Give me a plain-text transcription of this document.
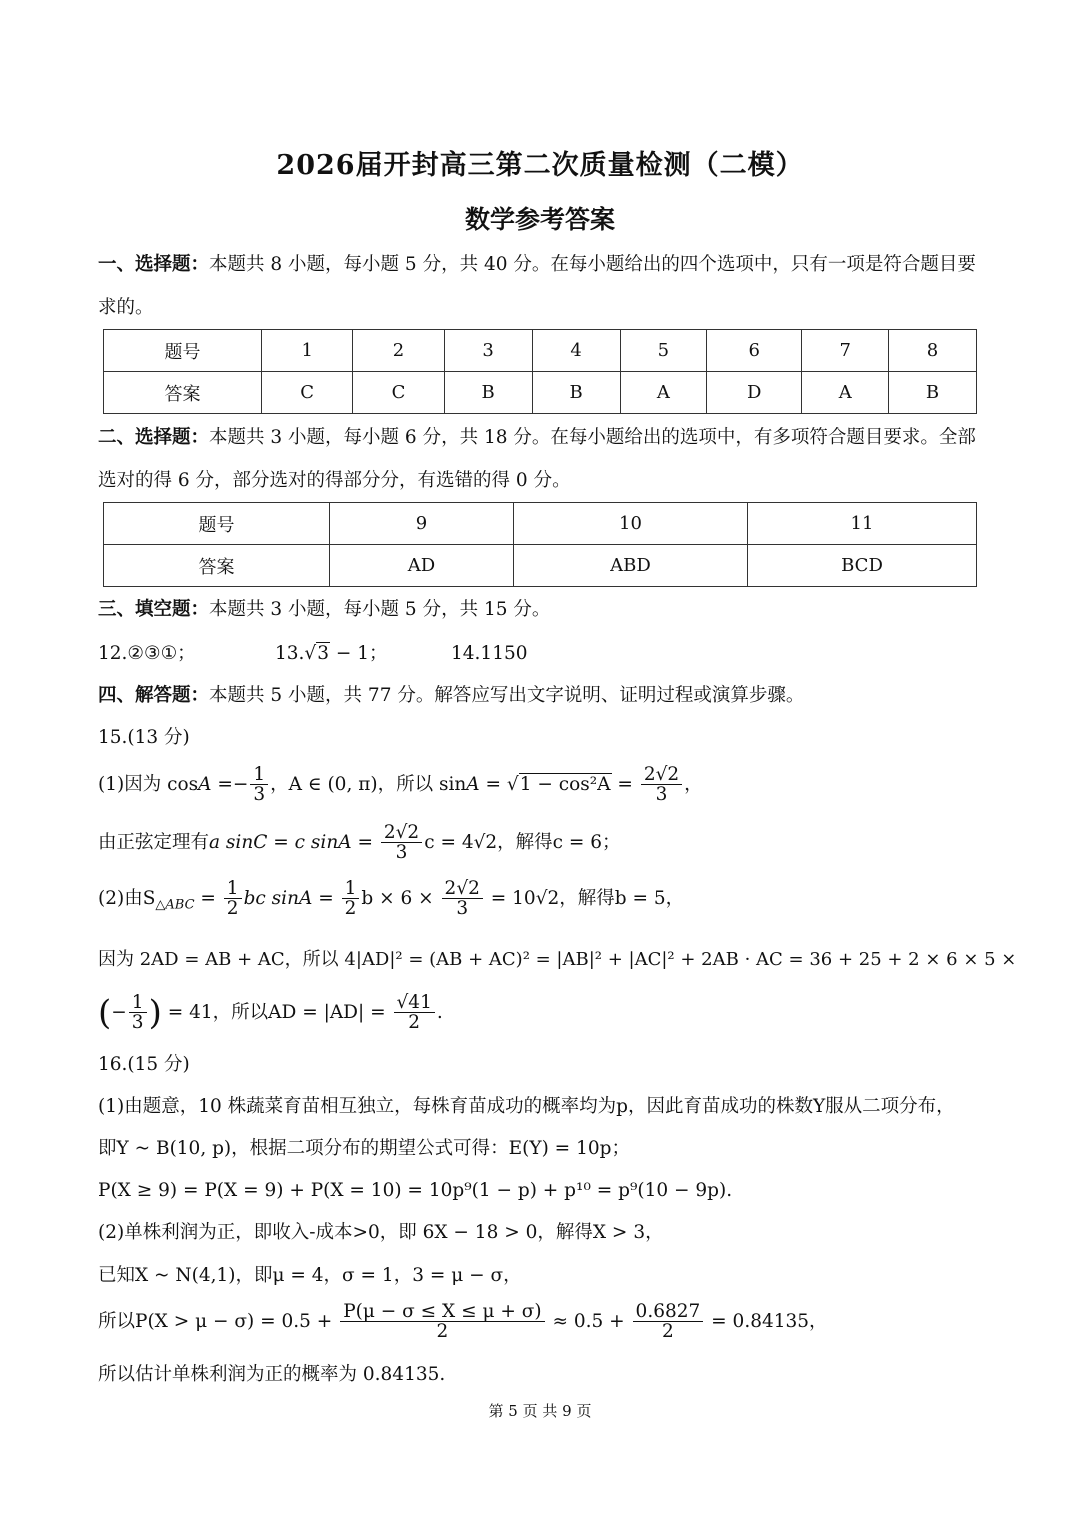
2026届开封高三第二次质量检测（二模）
数学参考答案
一、选择题：本题共 8 小题，每小题 5 分，共 40 分。在每小题给出的四个选项中，只有一项是符合题目要
求的。
题号	1	2	3	4	5	6	7	8
答案	C	C	B	B	A	D	A	B
二、选择题：本题共 3 小题，每小题 6 分，共 18 分。在每小题给出的选项中，有多项符合题目要求。全部
选对的得 6 分，部分选对的得部分分，有选错的得 0 分。
题号	9	10	11
答案	AD	ABD	BCD
三、填空题：本题共 3 小题，每小题 5 分，共 15 分。
12.②③①；	13.√3 − 1；	14.1150
四、解答题：本题共 5 小题，共 77 分。解答应写出文字说明、证明过程或演算步骤。
15.(13 分)
(1)因为 $\cos A =- \frac{1}{3}$ ，A ∈ (0, π)，所以 $\sin A = √1 - \cos^2A = \frac{2√2}{3}$ ，
由正弦定理有a sinC = c $\sin A = \frac{2√2}{3}$ c = 4√2，解得c = 6；
(2)由$S_{\triangle ABC} = \frac{1}{2}$ bc $\sin A = \frac{1}{2}$ $b \times 6 \times \frac{2√2}{3} = 10√2$，解得b = 5，
因为 2AD = AB + AC，所以 4|AD|² = (AB + AC)² = |AB|² + |AC|² + 2AB · AC = 36 + 25 + 2 × 6 × 5 ×
(− $\frac{1}{3}$ ) = 41，所以AD = $|AD| = \frac{√41}{2}$ .
16.(15 分)
(1)由题意，10 株蔬菜育苗相互独立，每株育苗成功的概率均为p，因此育苗成功的株数Y服从二项分布，
即Y ~ B(10, p)，根据二项分布的期望公式可得：E(Y) = 10p；
P(X ≥ 9) = P(X = 9) + P(X = 10) = 10p⁹(1 − p) + p¹⁰ = p⁹(10 − 9p).
(2)单株利润为正，即收入-成本>0，即 6X − 18 > 0，解得X > 3，
已知X ~ N(4,1)，即μ = 4，σ = 1，3 = μ − σ，
所以$P(X > \mu - \sigma) = 0.5 + \frac{P(\mu - \sigma \le X \le \mu + \sigma)}{2} \approx 0.5 + \frac{0.6827}{2} = 0.84135$，
所以估计单株利润为正的概率为 0.84135.
第 5 页 共 9 页
